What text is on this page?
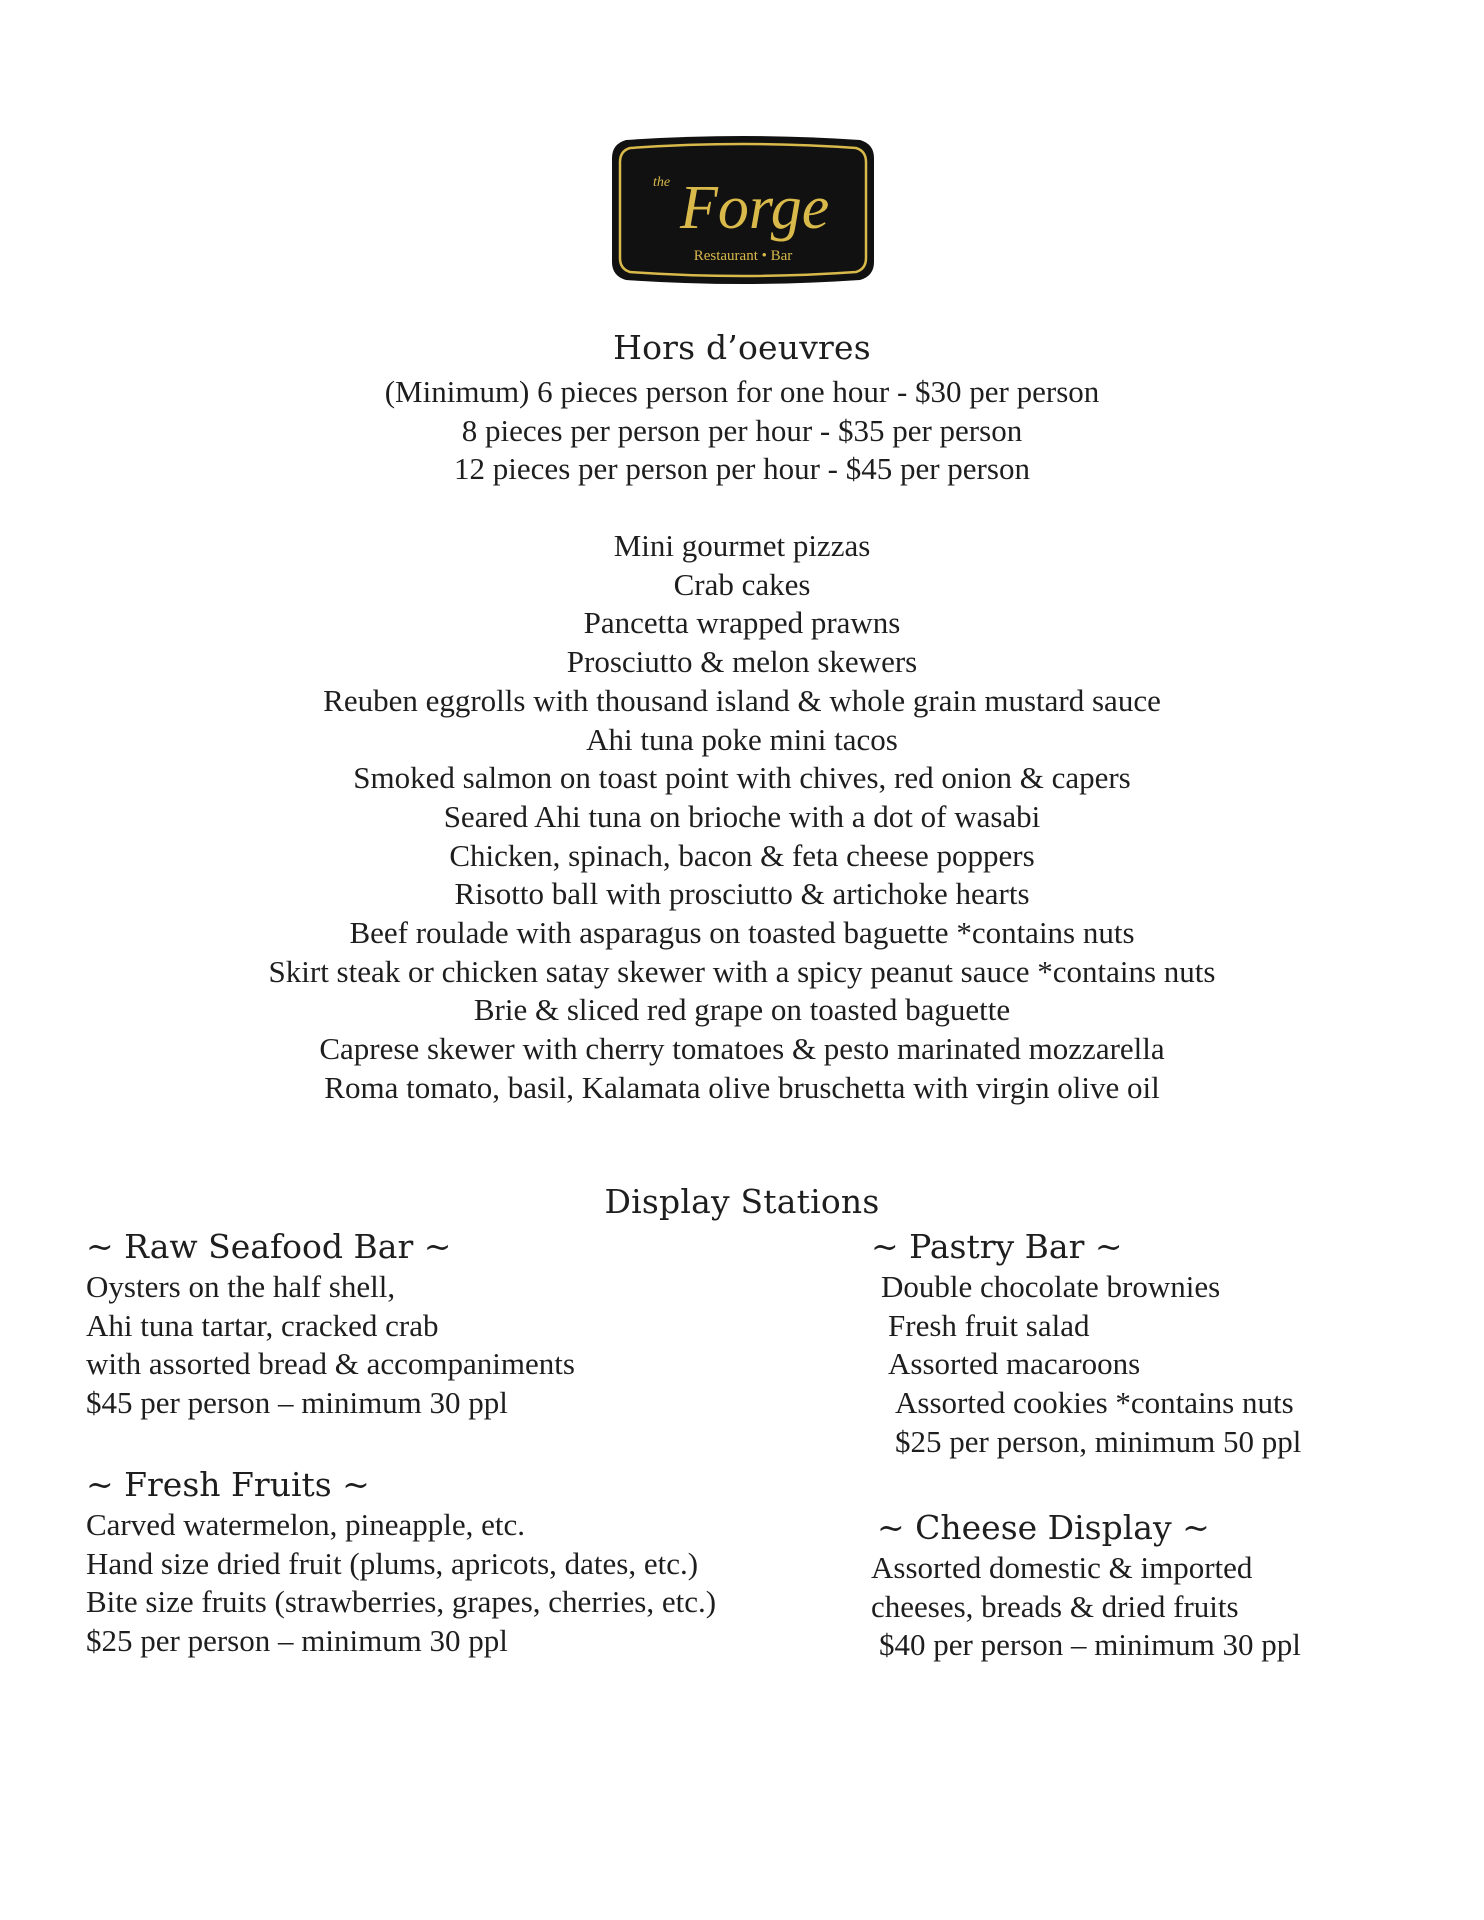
the Forge
Restaurant • Bar
Hors d’oeuvres
(Minimum) 6 pieces person for one hour - $30 per person
8 pieces per person per hour - $35 per person
12 pieces per person per hour - $45 per person
Mini gourmet pizzas
Crab cakes
Pancetta wrapped prawns
Prosciutto & melon skewers
Reuben eggrolls with thousand island & whole grain mustard sauce
Ahi tuna poke mini tacos
Smoked salmon on toast point with chives, red onion & capers
Seared Ahi tuna on brioche with a dot of wasabi
Chicken, spinach, bacon & feta cheese poppers
Risotto ball with prosciutto & artichoke hearts
Beef roulade with asparagus on toasted baguette *contains nuts
Skirt steak or chicken satay skewer with a spicy peanut sauce *contains nuts
Brie & sliced red grape on toasted baguette
Caprese skewer with cherry tomatoes & pesto marinated mozzarella
Roma tomato, basil, Kalamata olive bruschetta with virgin olive oil
Display Stations
~ Raw Seafood Bar ~
Oysters on the half shell,
Ahi tuna tartar, cracked crab
with assorted bread & accompaniments
$45 per person – minimum 30 ppl
~ Fresh Fruits ~
Carved watermelon, pineapple, etc.
Hand size dried fruit (plums, apricots, dates, etc.)
Bite size fruits (strawberries, grapes, cherries, etc.)
$25 per person – minimum 30 ppl
~ Pastry Bar ~
Double chocolate brownies
Fresh fruit salad
Assorted macaroons
Assorted cookies *contains nuts
$25 per person, minimum 50 ppl
~ Cheese Display ~
Assorted domestic & imported
cheeses, breads & dried fruits
$40 per person – minimum 30 ppl
